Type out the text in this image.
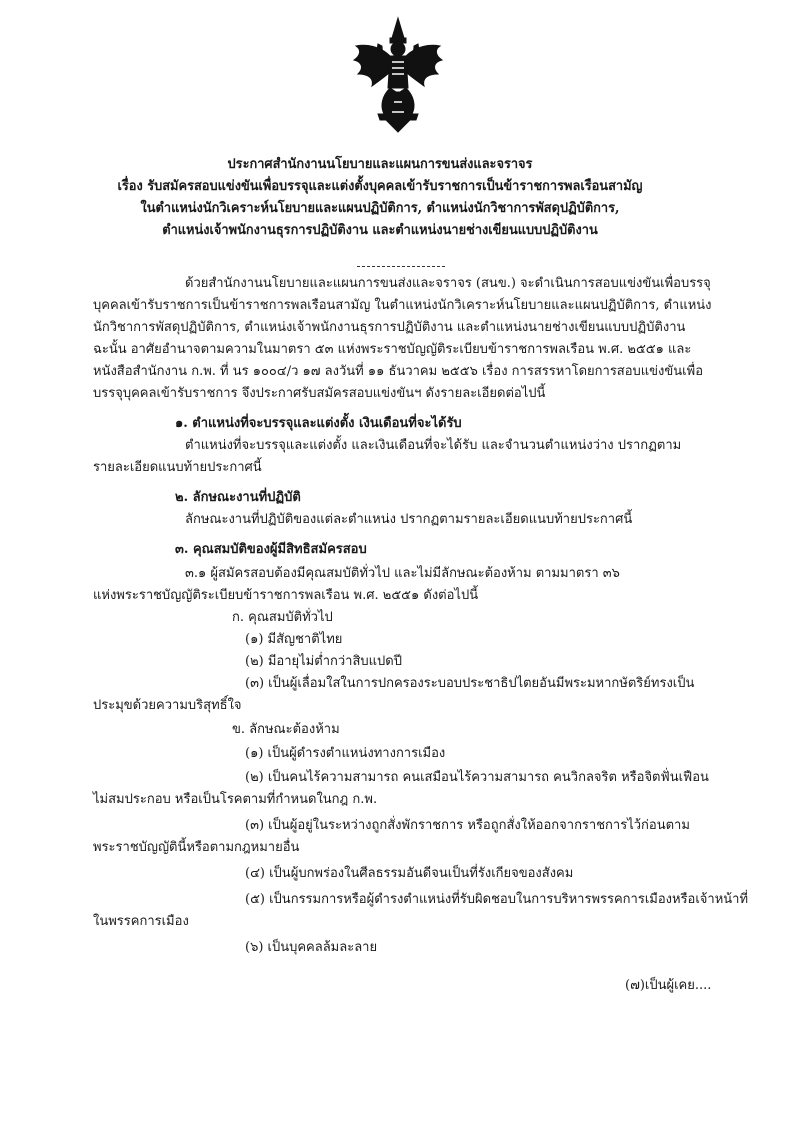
ประกาศสำนักงานนโยบายและแผนการขนส่งและจราจร
เรื่อง รับสมัครสอบแข่งขันเพื่อบรรจุและแต่งตั้งบุคคลเข้ารับราชการเป็นข้าราชการพลเรือนสามัญ
ในตำแหน่งนักวิเคราะห์นโยบายและแผนปฏิบัติการ, ตำแหน่งนักวิชาการพัสดุปฏิบัติการ,
ตำแหน่งเจ้าพนักงานธุรการปฏิบัติงาน และตำแหน่งนายช่างเขียนแบบปฏิบัติงาน
ด้วยสำนักงานนโยบายและแผนการขนส่งและจราจร (สนข.) จะดำเนินการสอบแข่งขันเพื่อบรรจุ
บุคคลเข้ารับราชการเป็นข้าราชการพลเรือนสามัญ ในตำแหน่งนักวิเคราะห์นโยบายและแผนปฏิบัติการ, ตำแหน่ง
นักวิชาการพัสดุปฏิบัติการ, ตำแหน่งเจ้าพนักงานธุรการปฏิบัติงาน และตำแหน่งนายช่างเขียนแบบปฏิบัติงาน
ฉะนั้น อาศัยอำนาจตามความในมาตรา ๕๓ แห่งพระราชบัญญัติระเบียบข้าราชการพลเรือน พ.ศ. ๒๕๕๑ และ
หนังสือสำนักงาน ก.พ. ที่ นร ๑๐๐๔/ว ๑๗ ลงวันที่ ๑๑ ธันวาคม ๒๕๕๖ เรื่อง การสรรหาโดยการสอบแข่งขันเพื่อ
บรรจุบุคคลเข้ารับราชการ จึงประกาศรับสมัครสอบแข่งขันฯ ดังรายละเอียดต่อไปนี้
๑. ตำแหน่งที่จะบรรจุและแต่งตั้ง เงินเดือนที่จะได้รับ
ตำแหน่งที่จะบรรจุและแต่งตั้ง และเงินเดือนที่จะได้รับ และจำนวนตำแหน่งว่าง ปรากฏตาม
รายละเอียดแนบท้ายประกาศนี้
๒. ลักษณะงานที่ปฏิบัติ
ลักษณะงานที่ปฏิบัติของแต่ละตำแหน่ง ปรากฏตามรายละเอียดแนบท้ายประกาศนี้
๓. คุณสมบัติของผู้มีสิทธิสมัครสอบ
๓.๑ ผู้สมัครสอบต้องมีคุณสมบัติทั่วไป และไม่มีลักษณะต้องห้าม ตามมาตรา ๓๖
แห่งพระราชบัญญัติระเบียบข้าราชการพลเรือน พ.ศ. ๒๕๕๑ ดังต่อไปนี้
ก. คุณสมบัติทั่วไป
(๑) มีสัญชาติไทย
(๒) มีอายุไม่ต่ำกว่าสิบแปดปี
(๓) เป็นผู้เลื่อมใสในการปกครองระบอบประชาธิปไตยอันมีพระมหากษัตริย์ทรงเป็น
ประมุขด้วยความบริสุทธิ์ใจ
ข. ลักษณะต้องห้าม
(๑) เป็นผู้ดำรงตำแหน่งทางการเมือง
(๒) เป็นคนไร้ความสามารถ คนเสมือนไร้ความสามารถ คนวิกลจริต หรือจิตฟั่นเฟือน
ไม่สมประกอบ หรือเป็นโรคตามที่กำหนดในกฎ ก.พ.
(๓) เป็นผู้อยู่ในระหว่างถูกสั่งพักราชการ หรือถูกสั่งให้ออกจากราชการไว้ก่อนตาม
พระราชบัญญัตินี้หรือตามกฎหมายอื่น
(๔) เป็นผู้บกพร่องในศีลธรรมอันดีจนเป็นที่รังเกียจของสังคม
(๕) เป็นกรรมการหรือผู้ดำรงตำแหน่งที่รับผิดชอบในการบริหารพรรคการเมืองหรือเจ้าหน้าที่
ในพรรคการเมือง
(๖) เป็นบุคคลล้มละลาย
(๗)เป็นผู้เคย....
